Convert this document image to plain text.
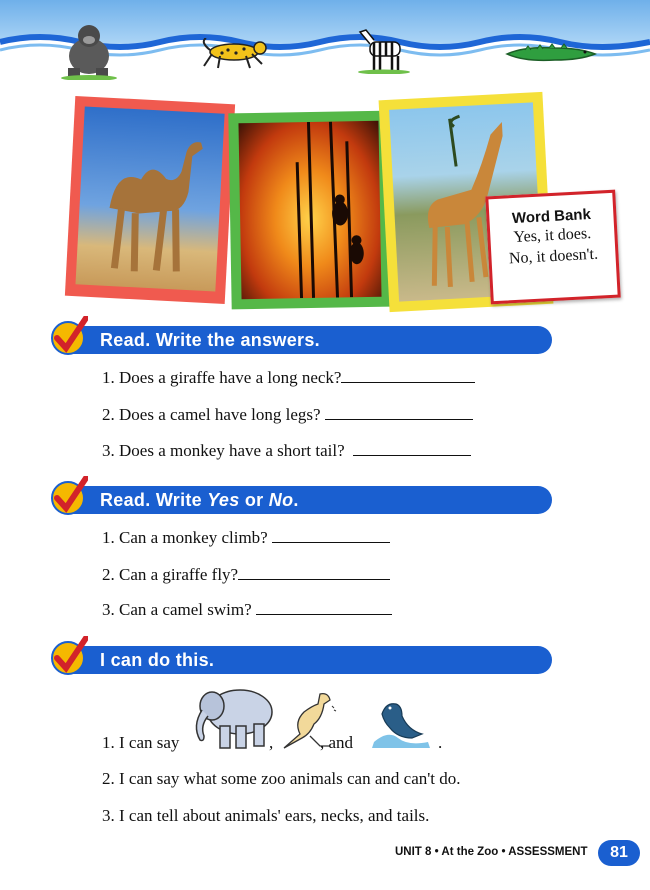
Word Bank
Yes, it does.
No, it doesn't.
Read. Write the answers.
1. Does a giraffe have a long neck?
2. Does a camel have long legs?
3. Does a monkey have a short tail?
Read. Write Yes or No.
1. Can a monkey climb?
2. Can a giraffe fly?
3. Can a camel swim?
I can do this.
1. I can say	,	, and	.
2. I can say what some zoo animals can and can't do.
3. I can tell about animals' ears, necks, and tails.
UNIT 8 • At the Zoo • ASSESSMENT	81
